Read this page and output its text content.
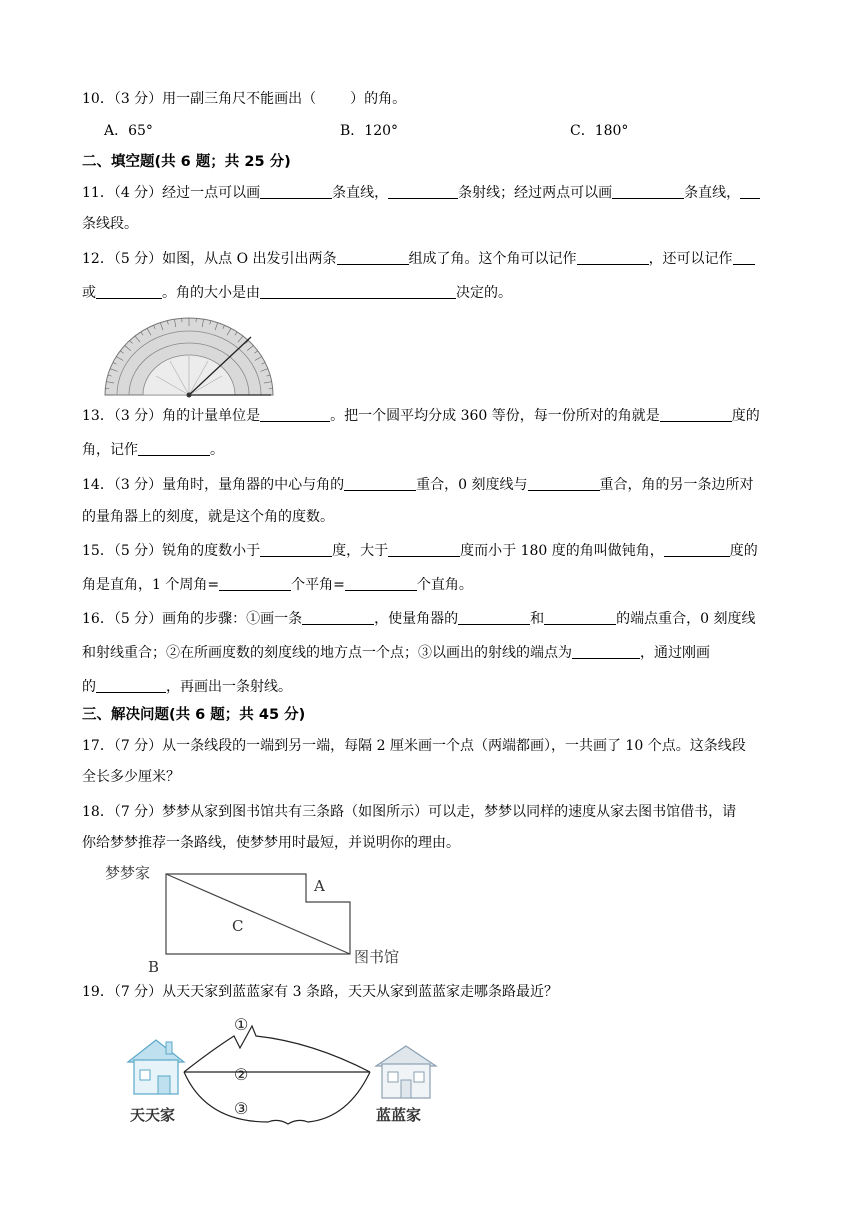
10．（3 分）用一副三角尺不能画出（ ）的角。
A．65°	B．120°	C．180°
二、填空题(共 6 题；共 25 分)
11．（4 分）经过一点可以画	条直线，	条射线；经过两点可以画	条直线，
条线段。
12．（5 分）如图，从点 O 出发引出两条	组成了角。这个角可以记作	，还可以记作
或	。角的大小是由	决定的。
13．（3 分）角的计量单位是	。把一个圆平均分成 360 等份，每一份所对的角就是	度的
角，记作	。
14．（3 分）量角时，量角器的中心与角的	重合，0 刻度线与	重合，角的另一条边所对
的量角器上的刻度，就是这个角的度数。
15．（5 分）锐角的度数小于	度，大于	度而小于 180 度的角叫做钝角，	度的
角是直角，1 个周角=	个平角=	个直角。
16．（5 分）画角的步骤：①画一条	，使量角器的	和	的端点重合，0 刻度线
和射线重合；②在所画度数的刻度线的地方点一个点；③以画出的射线的端点为	，通过刚画
的	，再画出一条射线。
三、解决问题(共 6 题；共 45 分)
17．（7 分）从一条线段的一端到另一端，每隔 2 厘米画一个点（两端都画），一共画了 10 个点。这条线段
全长多少厘米？
18．（7 分）梦梦从家到图书馆共有三条路（如图所示）可以走，梦梦以同样的速度从家去图书馆借书，请
你给梦梦推荐一条路线，使梦梦用时最短，并说明你的理由。
梦梦家
A
C
B
图书馆
19．（7 分）从天天家到蓝蓝家有 3 条路，天天从家到蓝蓝家走哪条路最近？
天天家
①
②
③	蓝蓝家
